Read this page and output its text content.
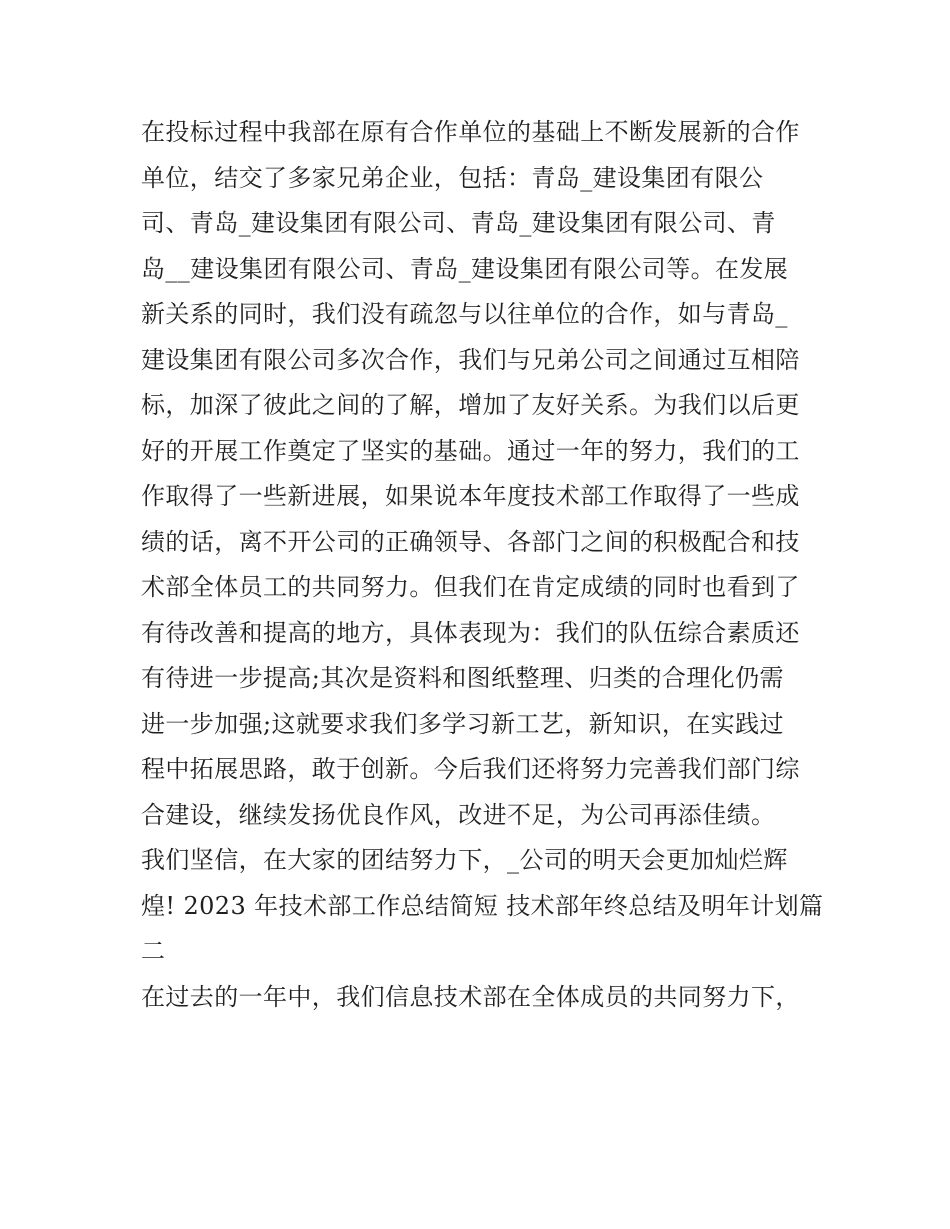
在投标过程中我部在原有合作单位的基础上不断发展新的合作
单位，结交了多家兄弟企业，包括：青岛_建设集团有限公
司、青岛_建设集团有限公司、青岛_建设集团有限公司、青
岛__建设集团有限公司、青岛_建设集团有限公司等。在发展
新关系的同时，我们没有疏忽与以往单位的合作，如与青岛_
建设集团有限公司多次合作，我们与兄弟公司之间通过互相陪
标，加深了彼此之间的了解，增加了友好关系。为我们以后更
好的开展工作奠定了坚实的基础。通过一年的努力，我们的工
作取得了一些新进展，如果说本年度技术部工作取得了一些成
绩的话，离不开公司的正确领导、各部门之间的积极配合和技
术部全体员工的共同努力。但我们在肯定成绩的同时也看到了
有待改善和提高的地方，具体表现为：我们的队伍综合素质还
有待进一步提高;其次是资料和图纸整理、归类的合理化仍需
进一步加强;这就要求我们多学习新工艺，新知识，在实践过
程中拓展思路，敢于创新。今后我们还将努力完善我们部门综
合建设，继续发扬优良作风，改进不足，为公司再添佳绩。
我们坚信，在大家的团结努力下，_公司的明天会更加灿烂辉
煌! 2023 年技术部工作总结简短 技术部年终总结及明年计划篇
二
在过去的一年中，我们信息技术部在全体成员的共同努力下，
